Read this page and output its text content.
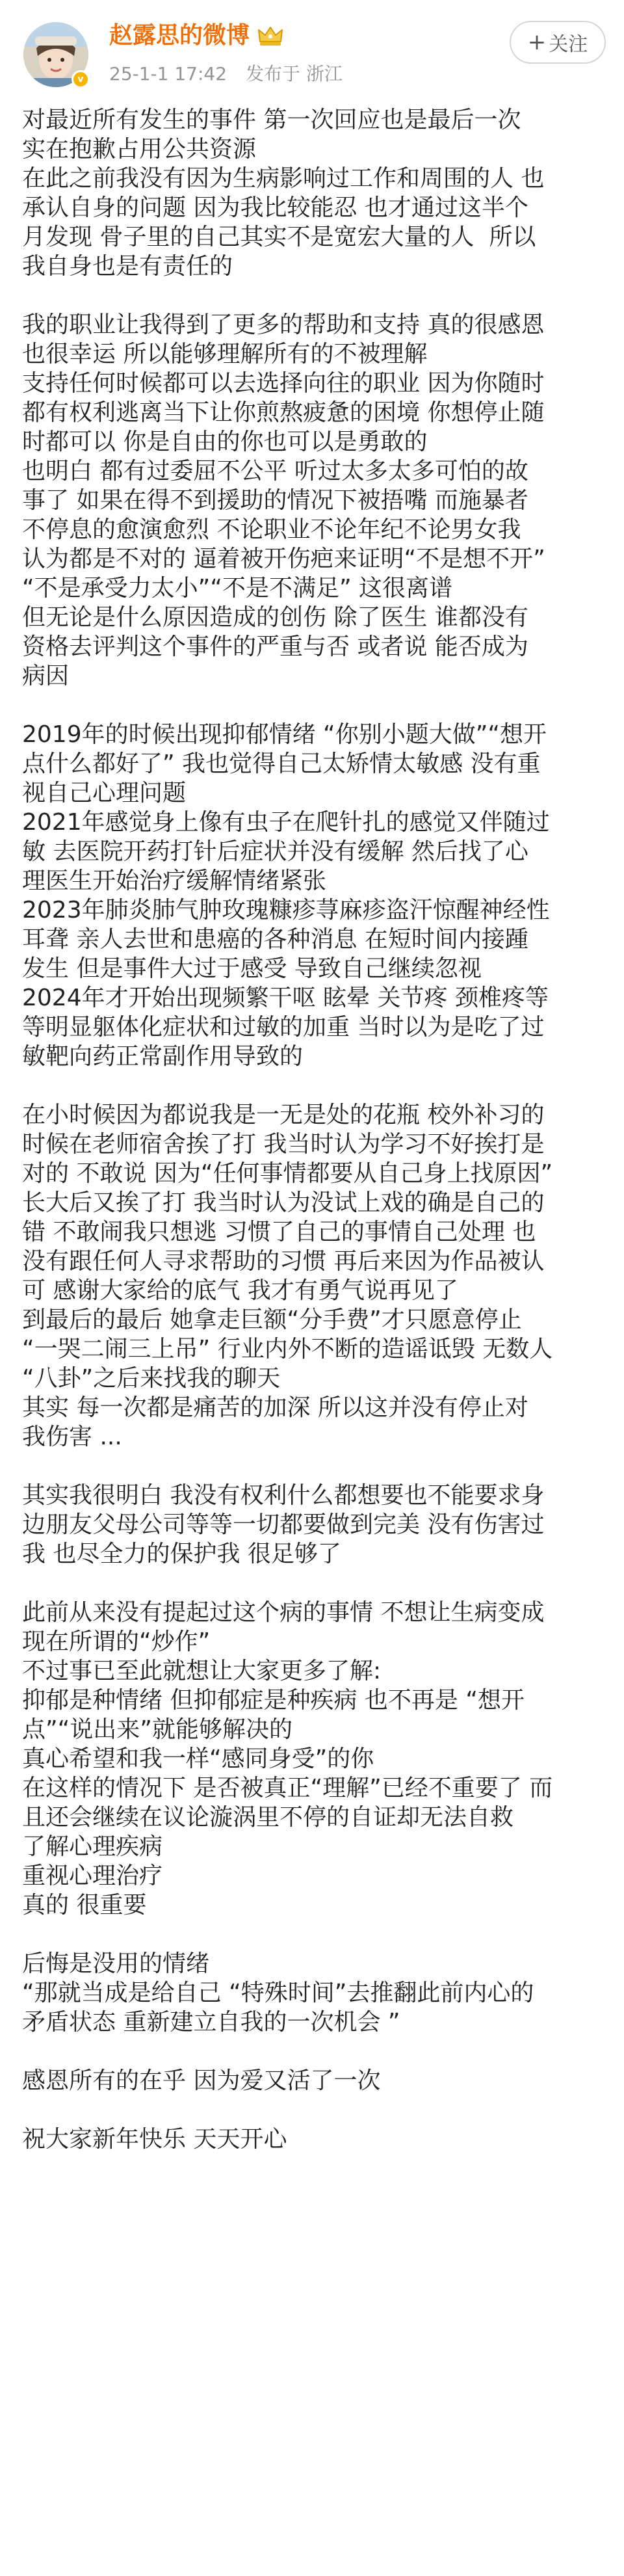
v
赵露思的微博
25-1-1 17:42 发布于 浙江
+ 关注
对最近所有发生的事件 第一次回应也是最后一次
实在抱歉占用公共资源
在此之前我没有因为生病影响过工作和周围的人 也
承认自身的问题 因为我比较能忍 也才通过这半个
月发现 骨子里的自己其实不是宽宏大量的人  所以
我自身也是有责任的
我的职业让我得到了更多的帮助和支持 真的很感恩
也很幸运 所以能够理解所有的不被理解
支持任何时候都可以去选择向往的职业 因为你随时
都有权利逃离当下让你煎熬疲惫的困境 你想停止随
时都可以 你是自由的你也可以是勇敢的
也明白 都有过委屈不公平 听过太多太多可怕的故
事了 如果在得不到援助的情况下被捂嘴 而施暴者
不停息的愈演愈烈 不论职业不论年纪不论男女我
认为都是不对的 逼着被开伤疤来证明“不是想不开”
“不是承受力太小”“不是不满足” 这很离谱
但无论是什么原因造成的创伤 除了医生 谁都没有
资格去评判这个事件的严重与否 或者说 能否成为
病因
2019年的时候出现抑郁情绪 “你别小题大做”“想开
点什么都好了” 我也觉得自己太矫情太敏感 没有重
视自己心理问题
2021年感觉身上像有虫子在爬针扎的感觉又伴随过
敏 去医院开药打针后症状并没有缓解 然后找了心
理医生开始治疗缓解情绪紧张
2023年肺炎肺气肿玫瑰糠疹荨麻疹盗汗惊醒神经性
耳聋 亲人去世和患癌的各种消息 在短时间内接踵
发生 但是事件大过于感受 导致自己继续忽视
2024年才开始出现频繁干呕 眩晕 关节疼 颈椎疼等
等明显躯体化症状和过敏的加重 当时以为是吃了过
敏靶向药正常副作用导致的
在小时候因为都说我是一无是处的花瓶 校外补习的
时候在老师宿舍挨了打 我当时认为学习不好挨打是
对的 不敢说 因为“任何事情都要从自己身上找原因”
长大后又挨了打 我当时认为没试上戏的确是自己的
错 不敢闹我只想逃 习惯了自己的事情自己处理 也
没有跟任何人寻求帮助的习惯 再后来因为作品被认
可 感谢大家给的底气 我才有勇气说再见了
到最后的最后 她拿走巨额“分手费”才只愿意停止
“一哭二闹三上吊” 行业内外不断的造谣诋毁 无数人
“八卦”之后来找我的聊天
其实 每一次都是痛苦的加深 所以这并没有停止对
我伤害 ...
其实我很明白 我没有权利什么都想要也不能要求身
边朋友父母公司等等一切都要做到完美 没有伤害过
我 也尽全力的保护我 很足够了
此前从来没有提起过这个病的事情 不想让生病变成
现在所谓的“炒作”
不过事已至此就想让大家更多了解:
抑郁是种情绪 但抑郁症是种疾病 也不再是 “想开
点”“说出来”就能够解决的
真心希望和我一样“感同身受”的你
在这样的情况下 是否被真正“理解”已经不重要了 而
且还会继续在议论漩涡里不停的自证却无法自救
了解心理疾病
重视心理治疗
真的 很重要
后悔是没用的情绪
“那就当成是给自己 “特殊时间”去推翻此前内心的
矛盾状态 重新建立自我的一次机会 ”
感恩所有的在乎 因为爱又活了一次
祝大家新年快乐 天天开心
